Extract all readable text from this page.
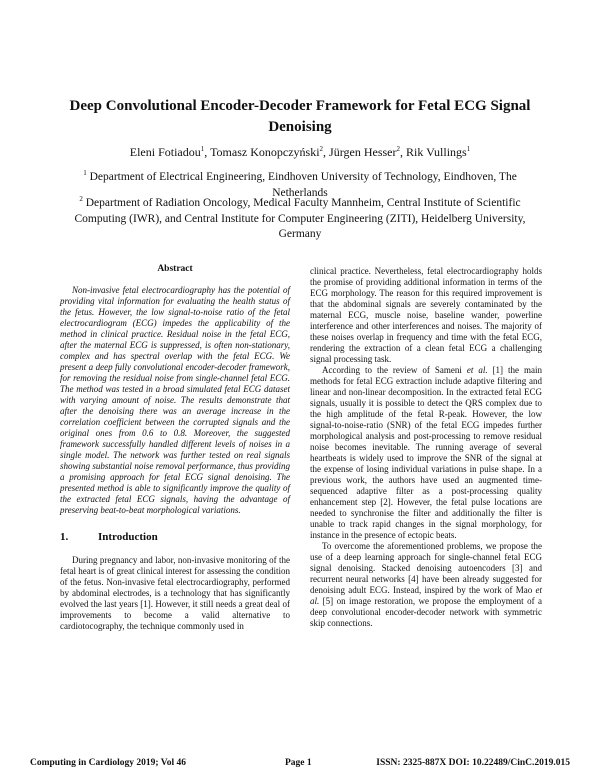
Deep Convolutional Encoder-Decoder Framework for Fetal ECG Signal Denoising
Eleni Fotiadou$^1$, Tomasz Konopczyński$^2$, Jürgen Hesser$^2$, Rik Vullings$^1$
$^1$ Department of Electrical Engineering, Eindhoven University of Technology, Eindhoven, The Netherlands
$^2$ Department of Radiation Oncology, Medical Faculty Mannheim, Central Institute of Scientific Computing (IWR), and Central Institute for Computer Engineering (ZITI), Heidelberg University, Germany
Abstract

Non-invasive fetal electrocardiography has the potential of providing vital information for evaluating the health status of the fetus. However, the low signal-to-noise ratio of the fetal electrocardiogram (ECG) impedes the applicability of the method in clinical practice. Residual noise in the fetal ECG, after the maternal ECG is suppressed, is often non-stationary, complex and has spectral overlap with the fetal ECG. We present a deep fully convolutional encoder-decoder framework, for removing the residual noise from single-channel fetal ECG. The method was tested in a broad simulated fetal ECG dataset with varying amount of noise. The results demonstrate that after the denoising there was an average increase in the correlation coefficient between the corrupted signals and the original ones from 0.6 to 0.8. Moreover, the suggested framework successfully handled different levels of noises in a single model. The network was further tested on real signals showing substantial noise removal performance, thus providing a promising approach for fetal ECG signal denoising. The presented method is able to significantly improve the quality of the extracted fetal ECG signals, having the advantage of preserving beat-to-beat morphological variations.

1.	Introduction

During pregnancy and labor, non-invasive monitoring of the fetal heart is of great clinical interest for assessing the condition of the fetus. Non-invasive fetal electrocardiography, performed by abdominal electrodes, is a technology that has significantly evolved the last years [1]. However, it still needs a great deal of improvements to become a valid alternative to cardiotocography, the technique commonly used in

clinical practice. Nevertheless, fetal electrocardiography holds the promise of providing additional information in terms of the ECG morphology. The reason for this required improvement is that the abdominal signals are severely contaminated by the maternal ECG, muscle noise, baseline wander, powerline interference and other interferences and noises. The majority of these noises overlap in frequency and time with the fetal ECG, rendering the extraction of a clean fetal ECG a challenging signal processing task.

According to the review of Sameni et al. [1] the main methods for fetal ECG extraction include adaptive filtering and linear and non-linear decomposition. In the extracted fetal ECG signals, usually it is possible to detect the QRS complex due to the high amplitude of the fetal R-peak. However, the low signal-to-noise-ratio (SNR) of the fetal ECG impedes further morphological analysis and post-processing to remove residual noise becomes inevitable. The running average of several heartbeats is widely used to improve the SNR of the signal at the expense of losing individual variations in pulse shape. In a previous work, the authors have used an augmented time-sequenced adaptive filter as a post-processing quality enhancement step [2]. However, the fetal pulse locations are needed to synchronise the filter and additionally the filter is unable to track rapid changes in the signal morphology, for instance in the presence of ectopic beats.

To overcome the aforementioned problems, we propose the use of a deep learning approach for single-channel fetal ECG signal denoising. Stacked denoising autoencoders [3] and recurrent neural networks [4] have been already suggested for denoising adult ECG. Instead, inspired by the work of Mao et al. [5] on image restoration, we propose the employment of a deep convolutional encoder-decoder network with symmetric skip connections.

Computing in Cardiology 2019; Vol 46	Page 1	ISSN: 2325-887X DOI: 10.22489/CinC.2019.015
